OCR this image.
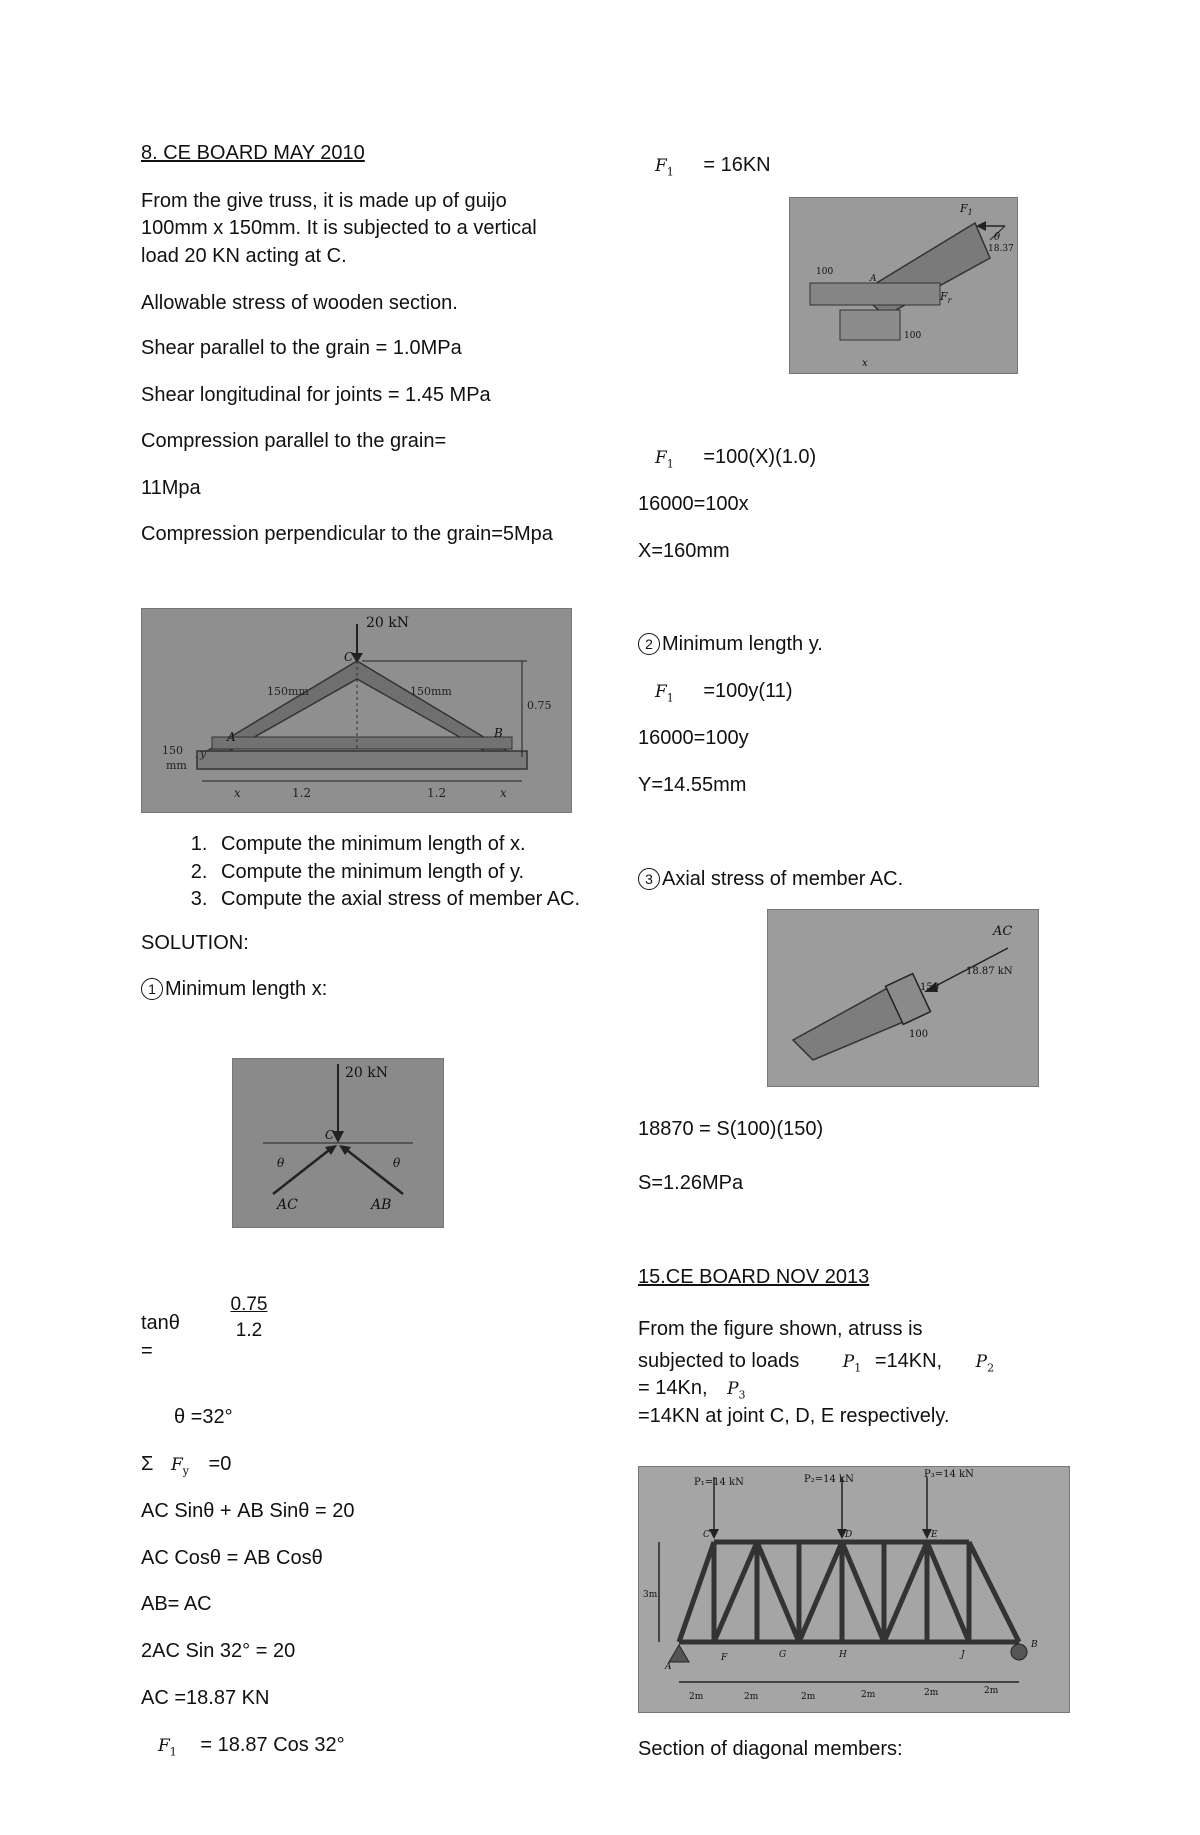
8. CE BOARD MAY 2010

From the give truss, it is made up of guijo 100mm x 150mm. It is subjected to a vertical load 20 KN acting at C.

Allowable stress of wooden section.

Shear parallel to the grain = 1.0MPa

Shear longitudinal for joints = 1.45 MPa

Compression parallel to the grain=

11Mpa

Compression perpendicular to the grain=5Mpa

20 kN
C
150mm	150mm
0.75
A	B
150
mm
y
x	1.2	1.2	x
1. Compute the minimum length of x.
2. Compute the minimum length of y.
3. Compute the axial stress of member AC.

SOLUTION:

1 Minimum length x:

20 kN
C
θ	θ
AC	AB
tanθ
=
$\frac{0.75}{1.2}$
θ =32°
Σ $F_y =0$
AC Sinθ + AB Sinθ = 20
AC Cosθ = AB Cosθ
AB= AC
2AC Sin 32° = 20
AC =18.87 KN
$F_1 = 18.87$ Cos 32°
$F_1 = 16KN$
$F_1$
θ
18.37
$F_r$
100
A
100
x
$F_1 =100(X)(1.0)$
16000=100x
X=160mm
2 Minimum length y.
$F_1 =100y(11)$
16000=100y
Y=14.55mm
3 Axial stress of member AC.
AC
18.87 kN
150
100
18870 = S(100)(150)
S=1.26MPa
15.CE BOARD NOV 2013

From the figure shown, atruss is

subjected to loads	$P_1 =14KN$, $P_2$

= 14Kn, $P_3$

=14KN at joint C, D, E respectively.

P₁=14 kN	P₂=14 kN	P₃=14 kN
C	D	E
F	G	H	J
B
A
3m
2m	2m	2m	2m	2m	2m
Section of diagonal members:
